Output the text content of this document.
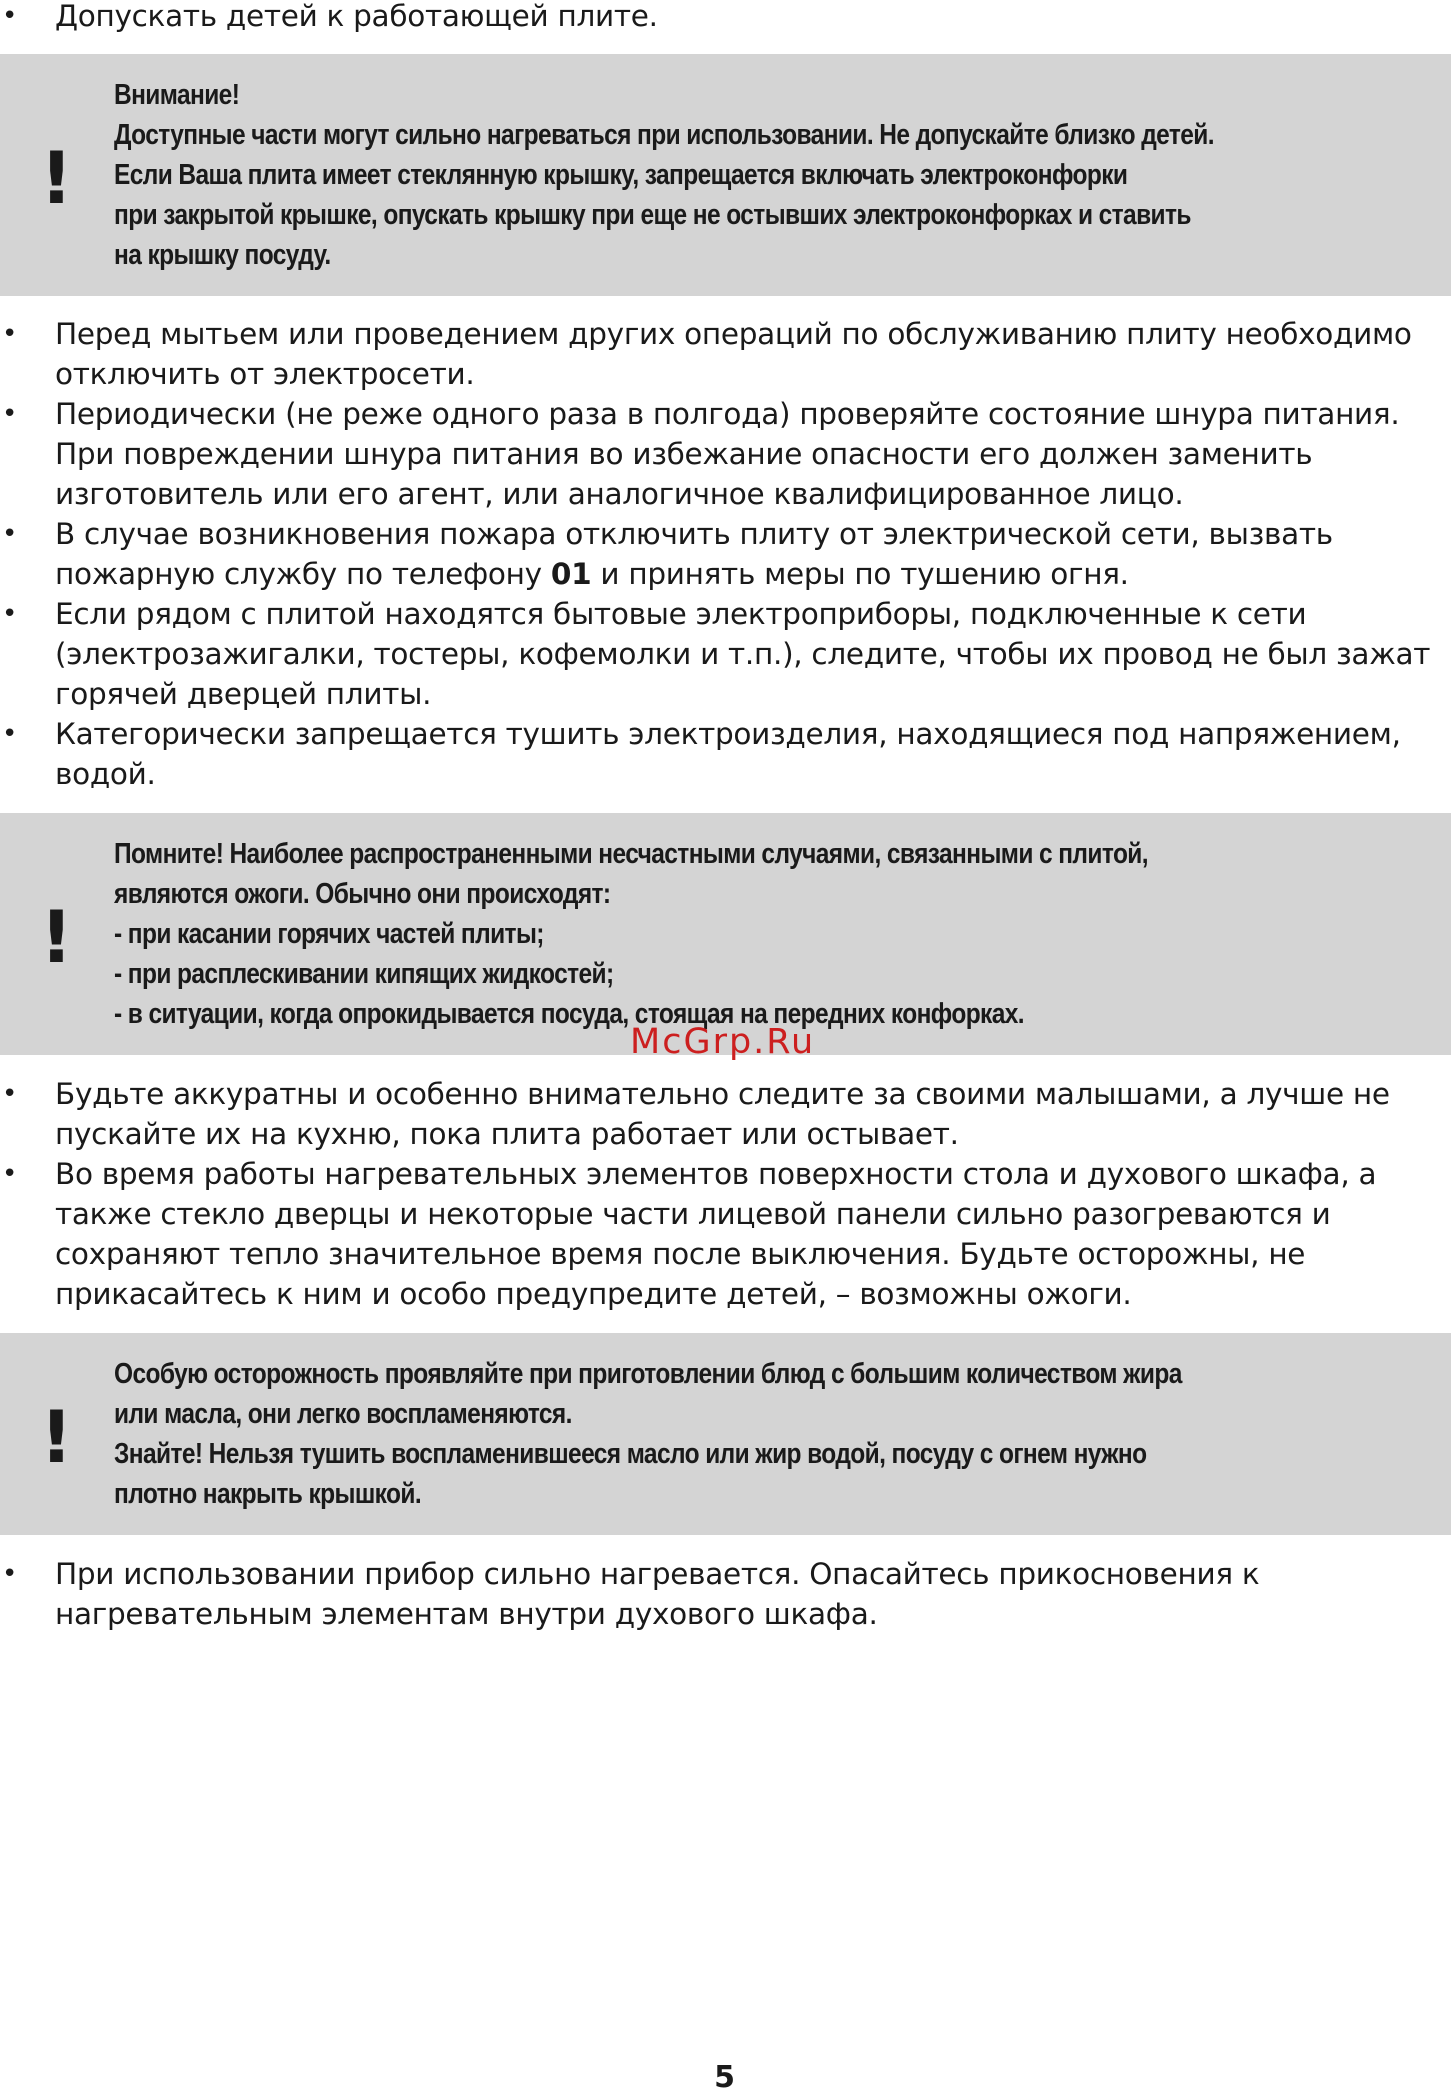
• Допускать детей к работающей плите.
!
Внимание!
Доступные части могут сильно нагреваться при использовании. Не допускайте близко детей.
Если Ваша плита имеет стеклянную крышку, запрещается включать электроконфорки
при закрытой крышке, опускать крышку при еще не остывших электроконфорках и ставить
на крышку посуду.
• Перед мытьем или проведением других операций по обслуживанию плиту необходимо отключить от электросети.
• Периодически (не реже одного раза в полгода) проверяйте состояние шнура питания. При повреждении шнура питания во избежание опасности его должен заменить изготовитель или его агент, или аналогичное квалифицированное лицо.
• В случае возникновения пожара отключить плиту от электрической сети, вызвать пожарную службу по телефону 01 и принять меры по тушению огня.
• Если рядом с плитой находятся бытовые электроприборы, подключенные к сети (электрозажигалки, тостеры, кофемолки и т.п.), следите, чтобы их провод не был зажат горячей дверцей плиты.
• Категорически запрещается тушить электроизделия, находящиеся под напряжением, водой.
!
Помните! Наиболее распространенными несчастными случаями, связанными с плитой,
являются ожоги. Обычно они происходят:
- при касании горячих частей плиты;
- при расплескивании кипящих жидкостей;
- в ситуации, когда опрокидывается посуда, стоящая на передних конфорках.
McGrp.Ru
• Будьте аккуратны и особенно внимательно следите за своими малышами, а лучше не пускайте их на кухню, пока плита работает или остывает.
• Во время работы нагревательных элементов поверхности стола и духового шкафа, а также стекло дверцы и некоторые части лицевой панели сильно разогреваются и сохраняют тепло значительное время после выключения. Будьте осторожны, не прикасайтесь к ним и особо предупредите детей, – возможны ожоги.
!
Особую осторожность проявляйте при приготовлении блюд с большим количеством жира
или масла, они легко воспламеняются.
Знайте! Нельзя тушить воспламенившееся масло или жир водой, посуду с огнем нужно
плотно накрыть крышкой.
• При использовании прибор сильно нагревается. Опасайтесь прикосновения к нагревательным элементам внутри духового шкафа.
5
